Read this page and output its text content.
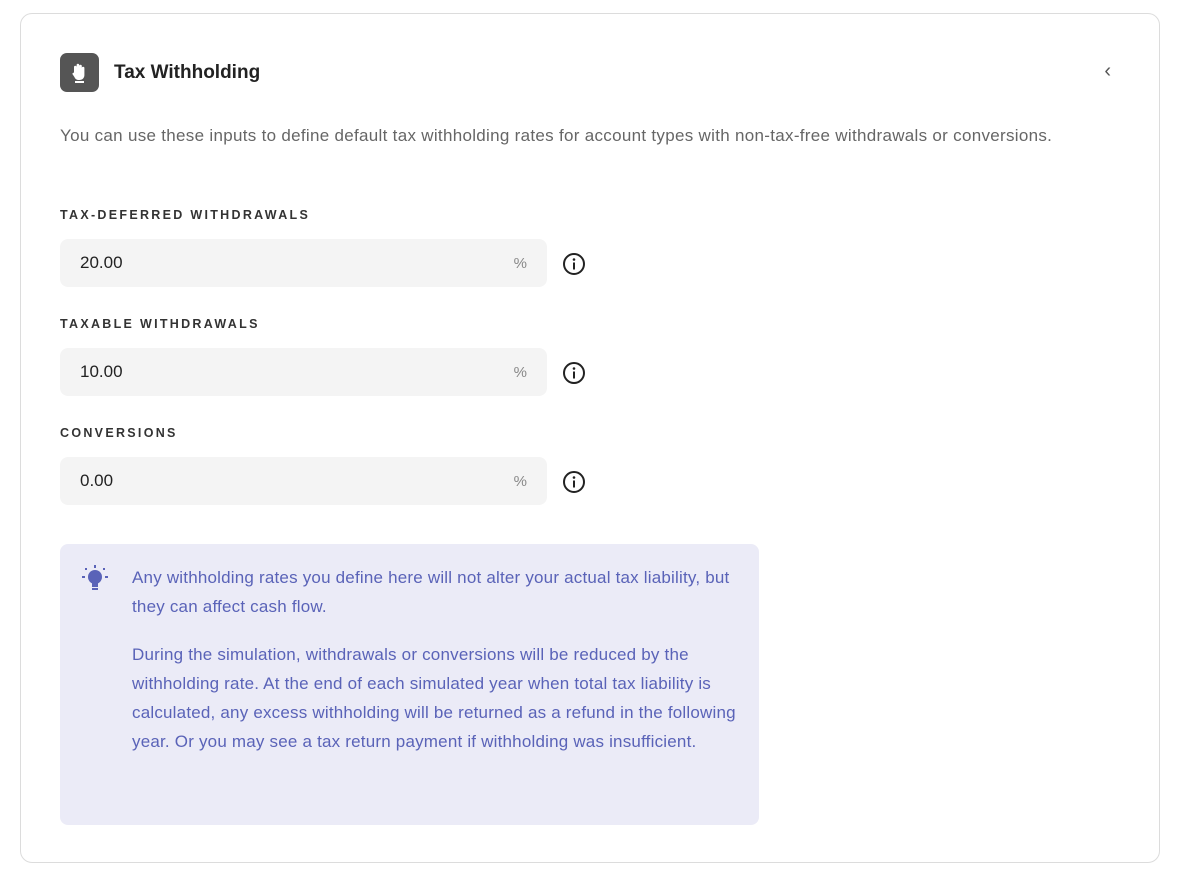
Tax Withholding	‹
You can use these inputs to define default tax withholding rates for account types with non-tax-free withdrawals or conversions.
TAX-DEFERRED WITHDRAWALS
20.00	%
TAXABLE WITHDRAWALS
10.00	%
CONVERSIONS
0.00	%

Any withholding rates you define here will not alter your actual tax liability, but they can affect cash flow.

During the simulation, withdrawals or conversions will be reduced by the withholding rate. At the end of each simulated year when total tax liability is calculated, any excess withholding will be returned as a refund in the following year. Or you may see a tax return payment if withholding was insufficient.
